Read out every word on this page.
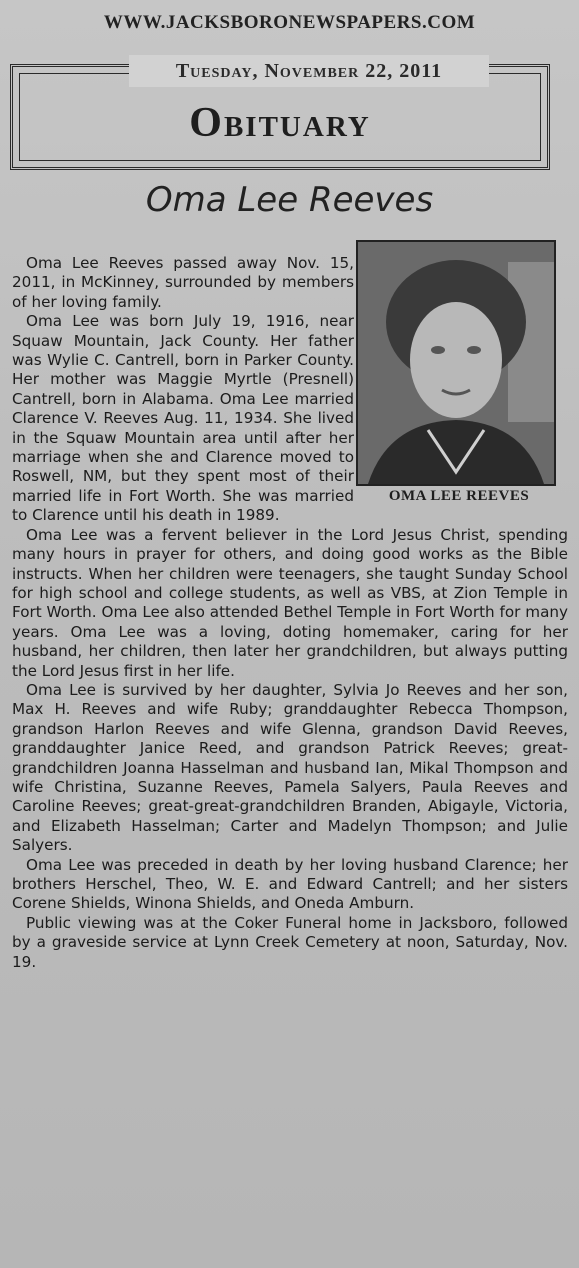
WWW.JACKSBORONEWSPAPERS.COM
Tuesday, November 22, 2011
Obituary
Oma Lee Reeves
OMA LEE REEVES

Oma Lee Reeves passed away Nov. 15, 2011, in McKinney, surrounded by members of her loving family.

Oma Lee was born July 19, 1916, near Squaw Mountain, Jack County. Her father was Wylie C. Cantrell, born in Parker County. Her mother was Maggie Myrtle (Presnell) Cantrell, born in Alabama. Oma Lee married Clarence V. Reeves Aug. 11, 1934. She lived in the Squaw Mountain area until after her marriage when she and Clarence moved to Roswell, NM, but they spent most of their married life in Fort Worth. She was married to Clarence until his death in 1989.

Oma Lee was a fervent believer in the Lord Jesus Christ, spending many hours in prayer for others, and doing good works as the Bible instructs. When her children were teenagers, she taught Sunday School for high school and college students, as well as VBS, at Zion Temple in Fort Worth. Oma Lee also attended Bethel Temple in Fort Worth for many years. Oma Lee was a loving, doting homemaker, caring for her husband, her children, then later her grandchildren, but always putting the Lord Jesus first in her life.

Oma Lee is survived by her daughter, Sylvia Jo Reeves and her son, Max H. Reeves and wife Ruby; granddaughter Rebecca Thompson, grandson Harlon Reeves and wife Glenna, grandson David Reeves, granddaughter Janice Reed, and grandson Patrick Reeves; great-grandchildren Joanna Hasselman and husband Ian, Mikal Thompson and wife Christina, Suzanne Reeves, Pamela Salyers, Paula Reeves and Caroline Reeves; great-great-grandchildren Branden, Abigayle, Victoria, and Elizabeth Hasselman; Carter and Madelyn Thompson; and Julie Salyers.

Oma Lee was preceded in death by her loving husband Clarence; her brothers Herschel, Theo, W. E. and Edward Cantrell; and her sisters Corene Shields, Winona Shields, and Oneda Amburn.

Public viewing was at the Coker Funeral home in Jacksboro, followed by a graveside service at Lynn Creek Cemetery at noon, Saturday, Nov. 19.
